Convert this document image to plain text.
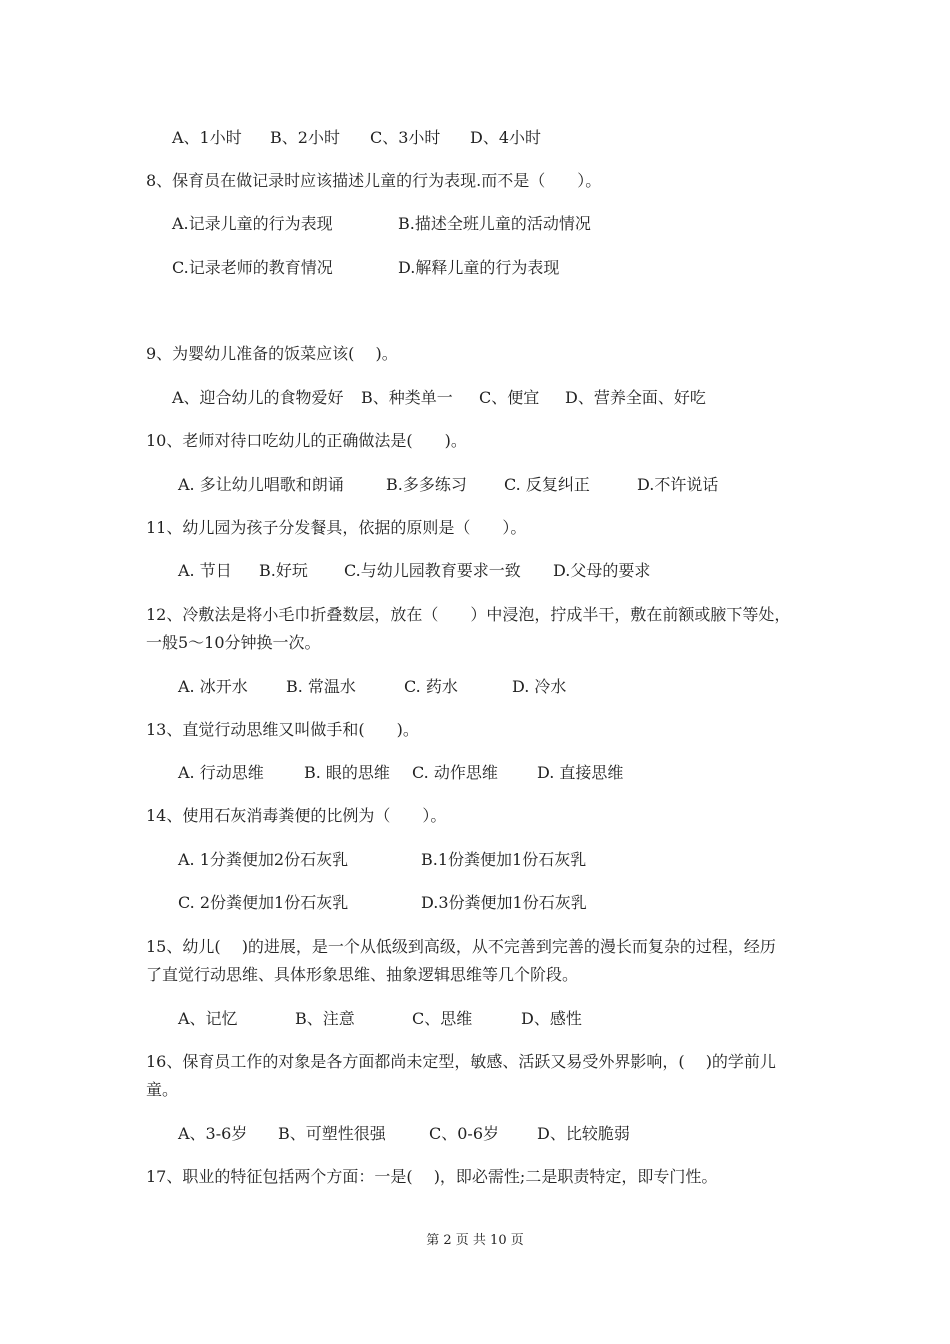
A、1小时 B、2小时 C、3小时 D、4小时
8、保育员在做记录时应该描述儿童的行为表现.而不是（　　）。
A.记录儿童的行为表现	B.描述全班儿童的活动情况
C.记录老师的教育情况	D.解释儿童的行为表现
9、为婴幼儿准备的饭菜应该(　 )。
A、迎合幼儿的食物爱好 B、种类单一 C、便宜 D、营养全面、好吃
10、老师对待口吃幼儿的正确做法是(　　)。
A. 多让幼儿唱歌和朗诵	B.多多练习 C. 反复纠正	D.不许说话
11、幼儿园为孩子分发餐具，依据的原则是（　　）。
A. 节日 B.好玩 C.与幼儿园教育要求一致 D.父母的要求
12、冷敷法是将小毛巾折叠数层，放在（　　）中浸泡，拧成半干，敷在前额或腋下等处，
一般5～10分钟换一次。
A. 冰开水 B. 常温水	C. 药水	D. 冷水
13、直觉行动思维又叫做手和(　　)。
A. 行动思维	B. 眼的思维 C. 动作思维 D. 直接思维
14、使用石灰消毒粪便的比例为（　　）。
A. 1分粪便加2份石灰乳	B.1份粪便加1份石灰乳
C. 2份粪便加1份石灰乳	D.3份粪便加1份石灰乳
15、幼儿(　 )的进展，是一个从低级到高级，从不完善到完善的漫长而复杂的过程，经历
了直觉行动思维、具体形象思维、抽象逻辑思维等几个阶段。
A、记忆	B、注意	C、思维	D、感性
16、保育员工作的对象是各方面都尚未定型，敏感、活跃又易受外界影响，(　 )的学前儿
童。
A、3-6岁 B、可塑性很强	C、0-6岁 D、比较脆弱
17、职业的特征包括两个方面：一是(　 )，即必需性;二是职责特定，即专门性。
第 2 页 共 10 页
